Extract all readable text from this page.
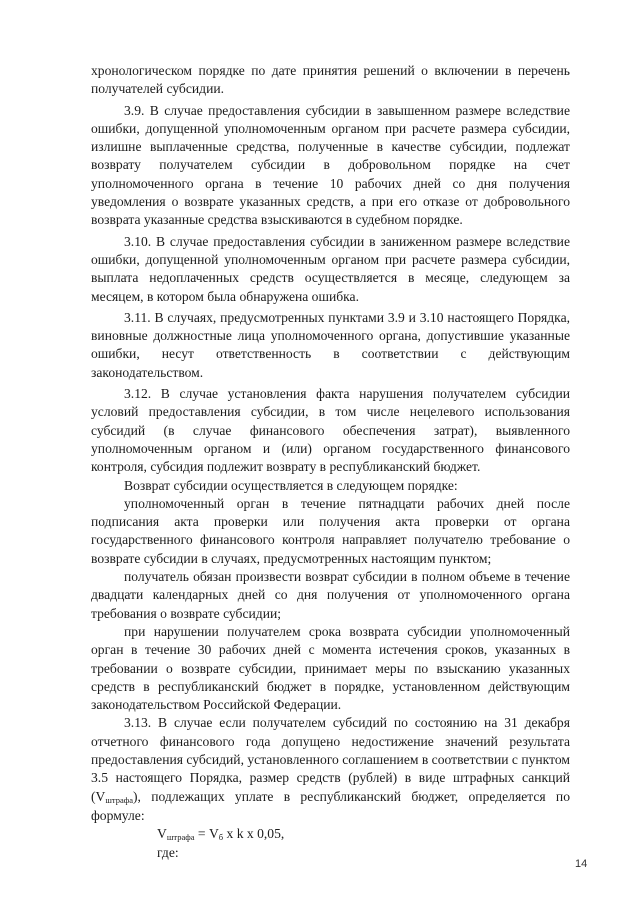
хронологическом порядке по дате принятия решений о включении в перечень получателей субсидии.

3.9. В случае предоставления субсидии в завышенном размере вследствие ошибки, допущенной уполномоченным органом при расчете размера субсидии, излишне выплаченные средства, полученные в качестве субсидии, подлежат возврату получателем субсидии в добровольном порядке на счет уполномоченного органа в течение 10 рабочих дней со дня получения уведомления о возврате указанных средств, а при его отказе от добровольного возврата указанные средства взыскиваются в судебном порядке.

3.10. В случае предоставления субсидии в заниженном размере вследствие ошибки, допущенной уполномоченным органом при расчете размера субсидии, выплата недоплаченных средств осуществляется в месяце, следующем за месяцем, в котором была обнаружена ошибка.

3.11. В случаях, предусмотренных пунктами 3.9 и 3.10 настоящего Порядка, виновные должностные лица уполномоченного органа, допустившие указанные ошибки, несут ответственность в соответствии с действующим законодательством.

3.12. В случае установления факта нарушения получателем субсидии условий предоставления субсидии, в том числе нецелевого использования субсидий (в случае финансового обеспечения затрат), выявленного уполномоченным органом и (или) органом государственного финансового контроля, субсидия подлежит возврату в республиканский бюджет.

Возврат субсидии осуществляется в следующем порядке:

уполномоченный орган в течение пятнадцати рабочих дней после подписания акта проверки или получения акта проверки от органа государственного финансового контроля направляет получателю требование о возврате субсидии в случаях, предусмотренных настоящим пунктом;

получатель обязан произвести возврат субсидии в полном объеме в течение двадцати календарных дней со дня получения от уполномоченного органа требования о возврате субсидии;

при нарушении получателем срока возврата субсидии уполномоченный орган в течение 30 рабочих дней с момента истечения сроков, указанных в требовании о возврате субсидии, принимает меры по взысканию указанных средств в республиканский бюджет в порядке, установленном действующим законодательством Российской Федерации.

3.13. В случае если получателем субсидий по состоянию на 31 декабря отчетного финансового года допущено недостижение значений результата предоставления субсидий, установленного соглашением в соответствии с пунктом 3.5 настоящего Порядка, размер средств (рублей) в виде штрафных санкций (Vштрафа), подлежащих уплате в республиканский бюджет, определяется по формуле:

Vштрафа = Vб x k x 0,05,

где:

14
